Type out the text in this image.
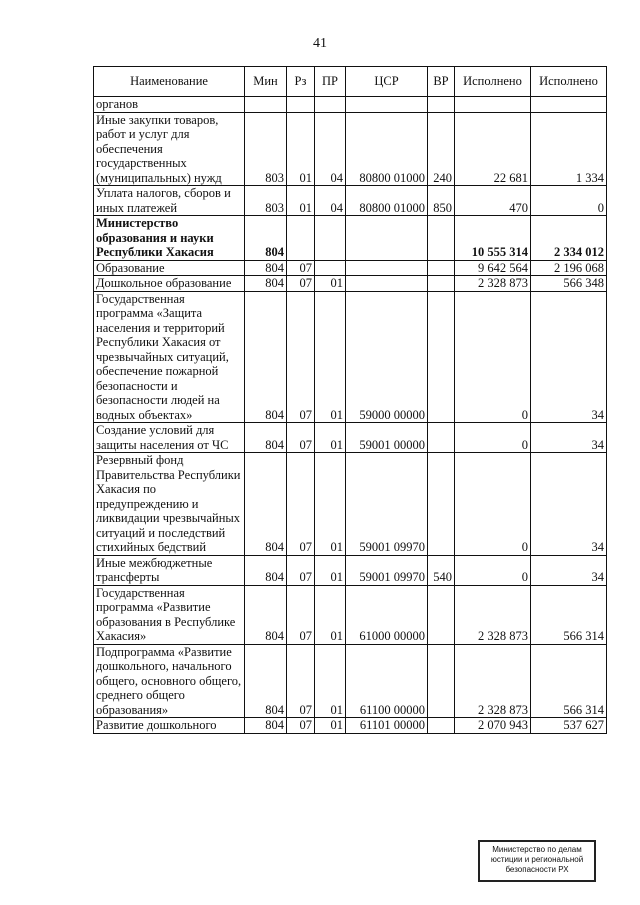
41
Наименование	Мин	Рз	ПР	ЦСР	ВР	Исполнено	Исполнено
органов							
Иные закупки товаров, работ и услуг для обеспечения государственных (муниципальных) нужд	803	01	04	80800 01000	240	22 681	1 334
Уплата налогов, сборов и иных платежей	803	01	04	80800 01000	850	470	0
Министерство образования и науки Республики Хакасия	804					10 555 314	2 334 012
Образование	804	07				9 642 564	2 196 068
Дошкольное образование	804	07	01			2 328 873	566 348
Государственная программа «Защита населения и территорий Республики Хакасия от чрезвычайных ситуаций, обеспечение пожарной безопасности и безопасности людей на водных объектах»	804	07	01	59000 00000		0	34
Создание условий для защиты населения от ЧС	804	07	01	59001 00000		0	34
Резервный фонд Правительства Республики Хакасия по предупреждению и ликвидации чрезвычайных ситуаций и последствий стихийных бедствий	804	07	01	59001 09970		0	34
Иные межбюджетные трансферты	804	07	01	59001 09970	540	0	34
Государственная программа «Развитие образования в Республике Хакасия»	804	07	01	61000 00000		2 328 873	566 314
Подпрограмма «Развитие дошкольного, начального общего, основного общего, среднего общего образования»	804	07	01	61100 00000		2 328 873	566 314
Развитие дошкольного	804	07	01	61101 00000		2 070 943	537 627
Министерство по делам
юстиции и региональной
безопасности РХ
